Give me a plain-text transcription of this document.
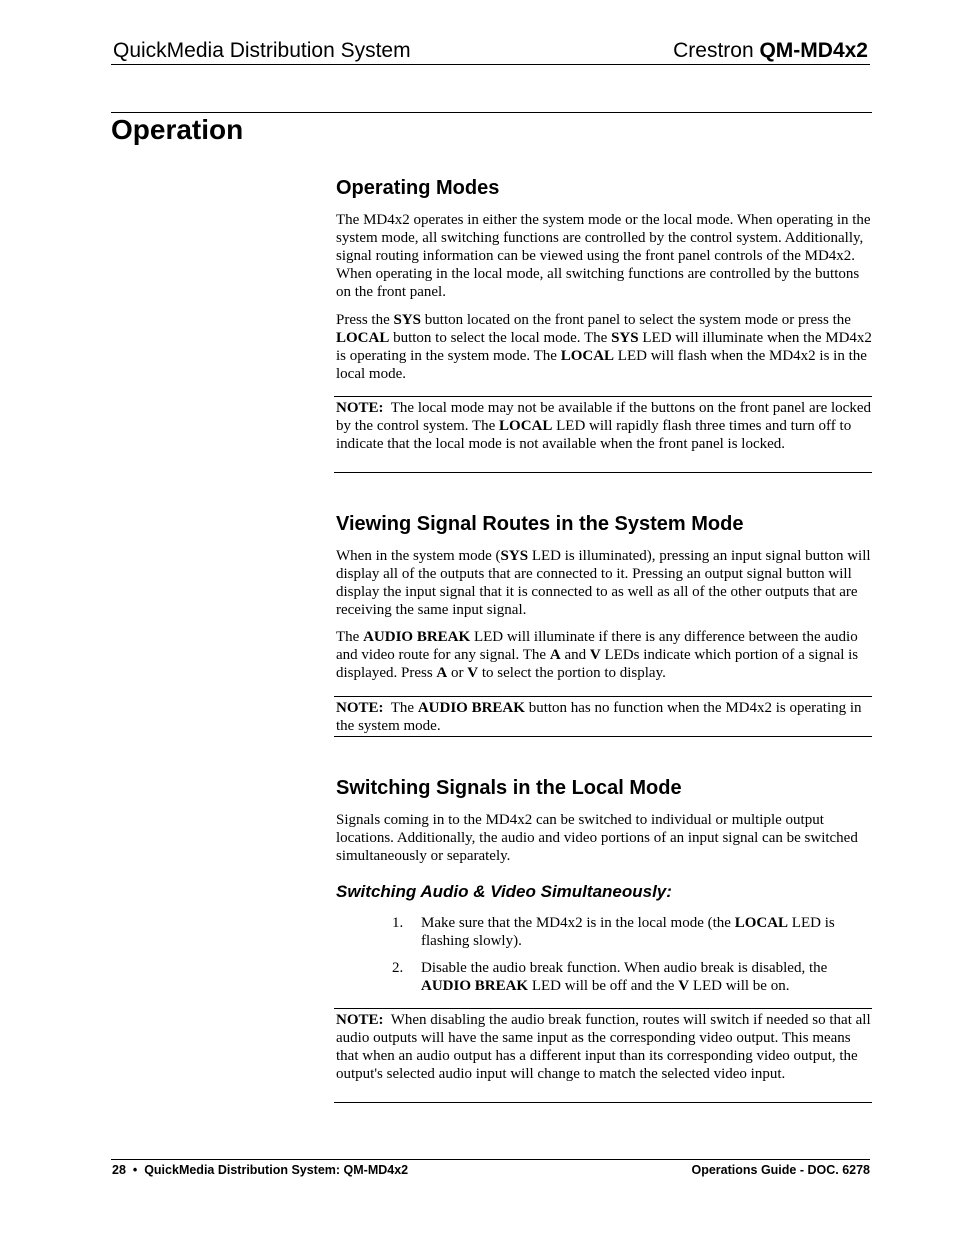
QuickMedia Distribution System	Crestron QM-MD4x2
Operation
Operating Modes

The MD4x2 operates in either the system mode or the local mode. When operating in the system mode, all switching functions are controlled by the control system. Additionally, signal routing information can be viewed using the front panel controls of the MD4x2. When operating in the local mode, all switching functions are controlled by the buttons on the front panel.

Press the SYS button located on the front panel to select the system mode or press the LOCAL button to select the local mode. The SYS LED will illuminate when the MD4x2 is operating in the system mode. The LOCAL LED will flash when the MD4x2 is in the local mode.

NOTE:  The local mode may not be available if the buttons on the front panel are locked by the control system. The LOCAL LED will rapidly flash three times and turn off to indicate that the local mode is not available when the front panel is locked.
Viewing Signal Routes in the System Mode

When in the system mode (SYS LED is illuminated), pressing an input signal button will display all of the outputs that are connected to it. Pressing an output signal button will display the input signal that it is connected to as well as all of the other outputs that are receiving the same input signal.

The AUDIO BREAK LED will illuminate if there is any difference between the audio and video route for any signal. The A and V LEDs indicate which portion of a signal is displayed. Press A or V to select the portion to display.

NOTE:  The AUDIO BREAK button has no function when the MD4x2 is operating in the system mode.
Switching Signals in the Local Mode

Signals coming in to the MD4x2 can be switched to individual or multiple output locations. Additionally, the audio and video portions of an input signal can be switched simultaneously or separately.

Switching Audio & Video Simultaneously:
1. Make sure that the MD4x2 is in the local mode (the LOCAL LED is flashing slowly).
2. Disable the audio break function. When audio break is disabled, the AUDIO BREAK LED will be off and the V LED will be on.
NOTE:  When disabling the audio break function, routes will switch if needed so that all audio outputs will have the same input as the corresponding video output. This means that when an audio output has a different input than its corresponding video output, the output's selected audio input will change to match the selected video input.
28 • QuickMedia Distribution System: QM-MD4x2	Operations Guide - DOC. 6278
